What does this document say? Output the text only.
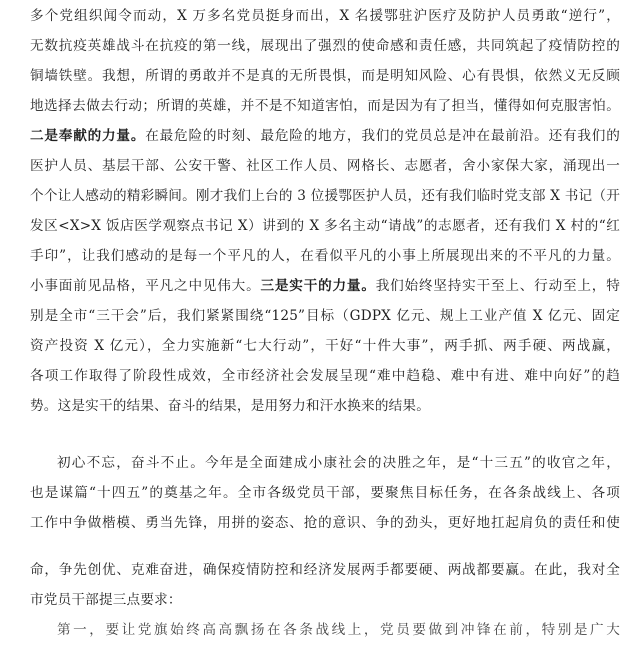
多个党组织闻令而动，X 万多名党员挺身而出，X 名援鄂驻沪医疗及防护人员勇敢“逆行”，
无数抗疫英雄战斗在抗疫的第一线，展现出了强烈的使命感和责任感，共同筑起了疫情防控的
铜墙铁壁。我想，所谓的勇敢并不是真的无所畏惧，而是明知风险、心有畏惧，依然义无反顾
地选择去做去行动；所谓的英雄，并不是不知道害怕，而是因为有了担当，懂得如何克服害怕。
二是奉献的力量。在最危险的时刻、最危险的地方，我们的党员总是冲在最前沿。还有我们的
医护人员、基层干部、公安干警、社区工作人员、网格长、志愿者，舍小家保大家，涌现出一
个个让人感动的精彩瞬间。刚才我们上台的 3 位援鄂医护人员，还有我们临时党支部 X 书记（开
发区<X>X 饭店医学观察点书记 X）讲到的 X 多名主动“请战”的志愿者，还有我们 X 村的“红
手印”，让我们感动的是每一个平凡的人，在看似平凡的小事上所展现出来的不平凡的力量。
小事面前见品格，平凡之中见伟大。三是实干的力量。我们始终坚持实干至上、行动至上，特
别是全市“三干会”后，我们紧紧围绕“125”目标（GDPX 亿元、规上工业产值 X 亿元、固定
资产投资 X 亿元），全力实施新“七大行动”，干好“十件大事”，两手抓、两手硬、两战赢，
各项工作取得了阶段性成效，全市经济社会发展呈现“难中趋稳、难中有进、难中向好”的趋
势。这是实干的结果、奋斗的结果，是用努力和汗水换来的结果。
初心不忘，奋斗不止。今年是全面建成小康社会的决胜之年，是“十三五”的收官之年，
也是谋篇“十四五”的奠基之年。全市各级党员干部，要聚焦目标任务，在各条战线上、各项
工作中争做楷模、勇当先锋，用拼的姿态、抢的意识、争的劲头，更好地扛起肩负的责任和使
命，争先创优、克难奋进，确保疫情防控和经济发展两手都要硬、两战都要赢。在此，我对全
市党员干部提三点要求：
第一，要让党旗始终高高飘扬在各条战线上，党员要做到冲锋在前，特别是广大
